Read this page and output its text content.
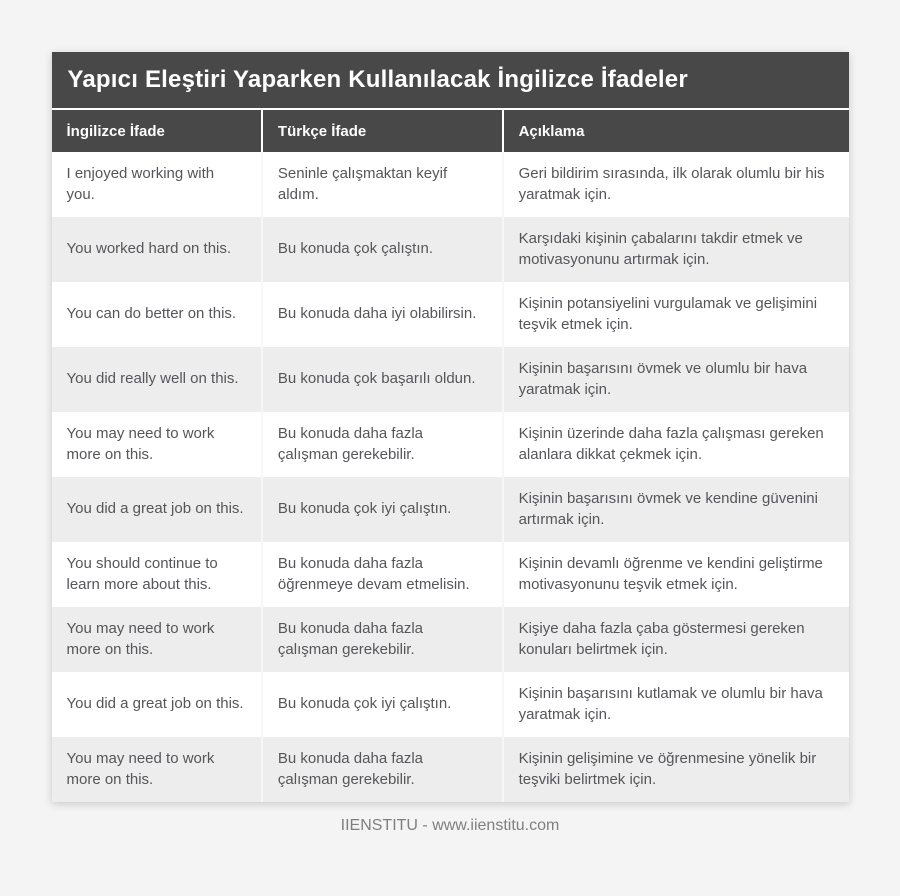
Yapıcı Eleştiri Yaparken Kullanılacak İngilizce İfadeler
İngilizce İfade	Türkçe İfade	Açıklama
I enjoyed working with you.	Seninle çalışmaktan keyif aldım.	Geri bildirim sırasında, ilk olarak olumlu bir his yaratmak için.
You worked hard on this.	Bu konuda çok çalıştın.	Karşıdaki kişinin çabalarını takdir etmek ve motivasyonunu artırmak için.
You can do better on this.	Bu konuda daha iyi olabilirsin.	Kişinin potansiyelini vurgulamak ve gelişimini teşvik etmek için.
You did really well on this.	Bu konuda çok başarılı oldun.	Kişinin başarısını övmek ve olumlu bir hava yaratmak için.
You may need to work more on this.	Bu konuda daha fazla çalışman gerekebilir.	Kişinin üzerinde daha fazla çalışması gereken alanlara dikkat çekmek için.
You did a great job on this.	Bu konuda çok iyi çalıştın.	Kişinin başarısını övmek ve kendine güvenini artırmak için.
You should continue to learn more about this.	Bu konuda daha fazla öğrenmeye devam etmelisin.	Kişinin devamlı öğrenme ve kendini geliştirme motivasyonunu teşvik etmek için.
You may need to work more on this.	Bu konuda daha fazla çalışman gerekebilir.	Kişiye daha fazla çaba göstermesi gereken konuları belirtmek için.
You did a great job on this.	Bu konuda çok iyi çalıştın.	Kişinin başarısını kutlamak ve olumlu bir hava yaratmak için.
You may need to work more on this.	Bu konuda daha fazla çalışman gerekebilir.	Kişinin gelişimine ve öğrenmesine yönelik bir teşviki belirtmek için.
IIENSTITU - www.iienstitu.com
